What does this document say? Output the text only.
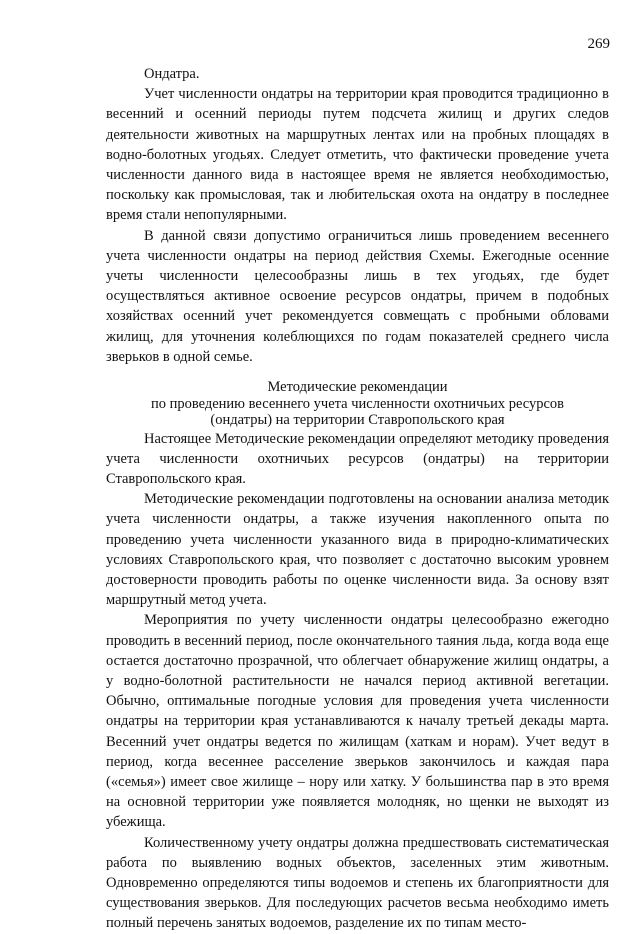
269

Ондатра.

Учет численности ондатры на территории края проводится традиционно в весенний и осенний периоды путем подсчета жилищ и других следов деятельности животных на маршрутных лентах или на пробных площадях в водно-болотных угодьях. Следует отметить, что фактически проведение учета численности данного вида в настоящее время не является необходимостью, поскольку как промысловая, так и любительская охота на ондатру в последнее время стали непопулярными.

В данной связи допустимо ограничиться лишь проведением весеннего учета численности ондатры на период действия Схемы. Ежегодные осенние учеты численности целесообразны лишь в тех угодьях, где будет осуществляться активное освоение ресурсов ондатры, причем в подобных хозяйствах осенний учет рекомендуется совмещать с пробными обловами жилищ, для уточнения колеблющихся по годам показателей среднего числа зверьков в одной семье.

Методические рекомендации
по проведению весеннего учета численности охотничьих ресурсов
(ондатры) на территории Ставропольского края

Настоящее Методические рекомендации определяют методику проведения учета численности охотничьих ресурсов (ондатры) на территории Ставропольского края.

Методические рекомендации подготовлены на основании анализа методик учета численности ондатры, а также изучения накопленного опыта по проведению учета численности указанного вида в природно-климатических условиях Ставропольского края, что позволяет с достаточно высоким уровнем достоверности проводить работы по оценке численности вида. За основу взят маршрутный метод учета.

Мероприятия по учету численности ондатры целесообразно ежегодно проводить в весенний период, после окончательного таяния льда, когда вода еще остается достаточно прозрачной, что облегчает обнаружение жилищ ондатры, а у водно-болотной растительности не начался период активной вегетации. Обычно, оптимальные погодные условия для проведения учета численности ондатры на территории края устанавливаются к началу третьей декады марта. Весенний учет ондатры ведется по жилищам (хаткам и норам). Учет ведут в период, когда весеннее расселение зверьков закончилось и каждая пара («семья») имеет свое жилище – нору или хатку. У большинства пар в это время на основной территории уже появляется молодняк, но щенки не выходят из убежища.

Количественному учету ондатры должна предшествовать систематическая работа по выявлению водных объектов, заселенных этим животным. Одновременно определяются типы водоемов и степень их благоприятности для существования зверьков. Для последующих расчетов весьма необходимо иметь полный перечень занятых водоемов, разделение их по типам место-
